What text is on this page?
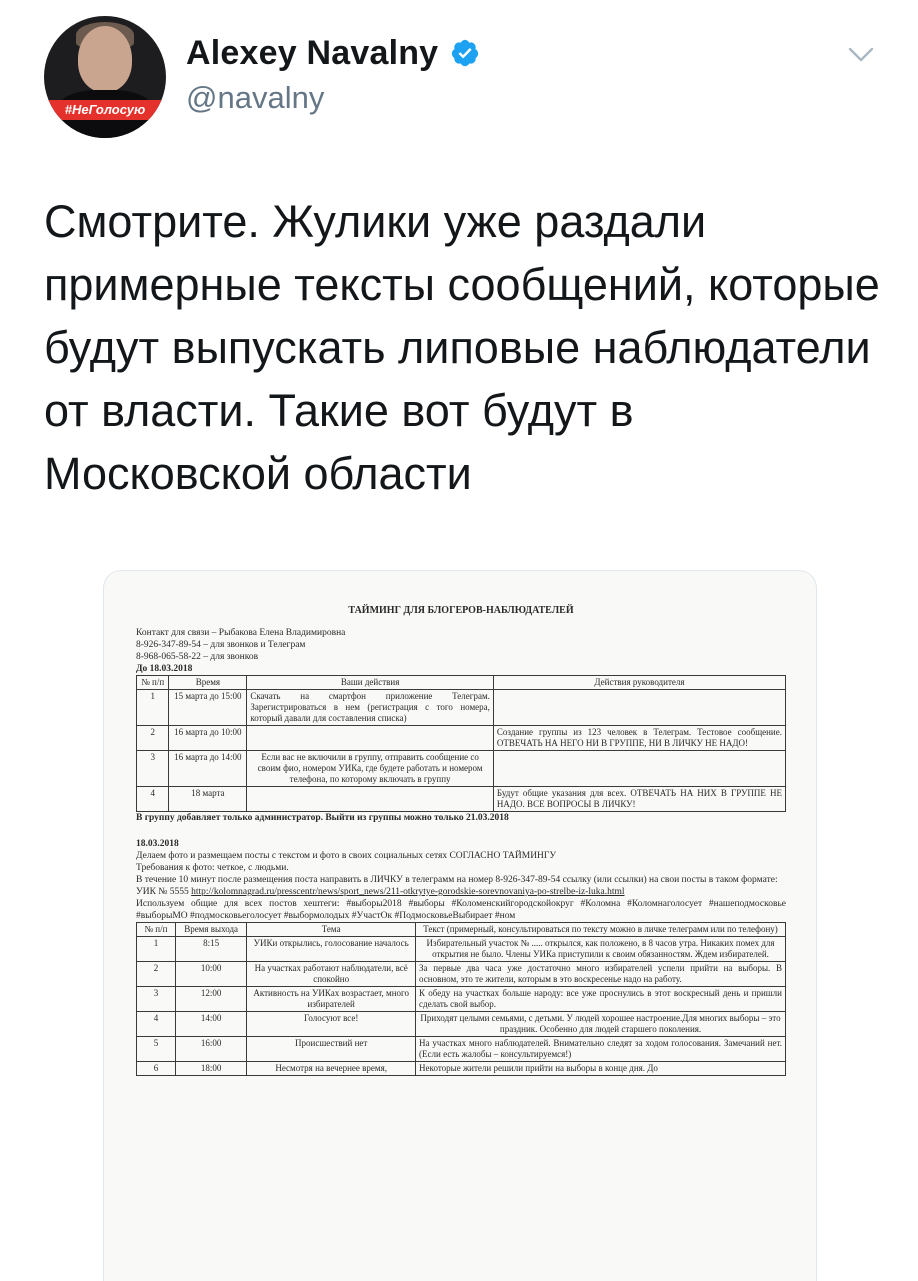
#НеГолосую
Alexey Navalny
@navalny

Смотрите. Жулики уже раздали примерные тексты сообщений, которые будут выпускать липовые наблюдатели от власти. Такие вот будут в Московской области

ТАЙМИНГ ДЛЯ БЛОГЕРОВ-НАБЛЮДАТЕЛЕЙ

Контакт для связи – Рыбакова Елена Владимировна

8-926-347-89-54 – для звонков и Телеграм

8-968-065-58-22 – для звонков

До 18.03.2018

№ п/п	Время	Ваши действия	Действия руководителя
1	15 марта до 15:00	Скачать на смартфон приложение Телеграм. Зарегистрироваться в нем (регистрация с того номера, который давали для составления списка)	
2	16 марта до 10:00		Создание группы из 123 человек в Телеграм. Тестовое сообщение. ОТВЕЧАТЬ НА НЕГО НИ В ГРУППЕ, НИ В ЛИЧКУ НЕ НАДО!
3	16 марта до 14:00	Если вас не включили в группу, отправить сообщение со своим фио, номером УИКа, где будете работать и номером телефона, по которому включать в группу	
4	18 марта		Будут общие указания для всех. ОТВЕЧАТЬ НА НИХ В ГРУППЕ НЕ НАДО. ВСЕ ВОПРОСЫ В ЛИЧКУ!

В группу добавляет только администратор. Выйти из группы можно только 21.03.2018

18.03.2018

Делаем фото и размещаем посты с текстом и фото в своих социальных сетях СОГЛАСНО ТАЙМИНГУ

Требования к фото: четкое, с людьми.

В течение 10 минут после размещения поста направить в ЛИЧКУ в телеграмм на номер 8-926-347-89-54 ссылку (или ссылки) на свои посты в таком формате:

УИК № 5555 http://kolomnagrad.ru/presscentr/news/sport_news/211-otkrytye-gorodskie-sorevnovaniya-po-strelbe-iz-luka.html

Используем общие для всех постов хештеги: #выборы2018 #выборы #Коломенскийгородскойокруг #Коломна #Коломнаголосует #нашеподмосковье #выборыМО #подмосковьеголосует #выбормолодых #УчастОк #ПодмосковьеВыбирает #ном

№ п/п	Время выхода	Тема	Текст (примерный, консультироваться по тексту можно в личке телеграмм или по телефону)
1	8:15	УИКи открылись, голосование началось	Избирательный участок № ..... открылся, как положено, в 8 часов утра. Никаких помех для открытия не было. Члены УИКа приступили к своим обязанностям. Ждем избирателей.
2	10:00	На участках работают наблюдатели, всё спокойно	За первые два часа уже достаточно много избирателей успели прийти на выборы. В основном, это те жители, которым в это воскресенье надо на работу.
3	12:00	Активность на УИКах возрастает, много избирателей	К обеду на участках больше народу: все уже проснулись в этот воскресный день и пришли сделать свой выбор.
4	14:00	Голосуют все!	Приходят целыми семьями, с детьми. У людей хорошее настроение.Для многих выборы – это праздник. Особенно для людей старшего поколения.
5	16:00	Происшествий нет	На участках много наблюдателей. Внимательно следят за ходом голосования. Замечаний нет. (Если есть жалобы – консультируемся!)
6	18:00	Несмотря на вечернее время,	Некоторые жители решили прийти на выборы в конце дня. До
